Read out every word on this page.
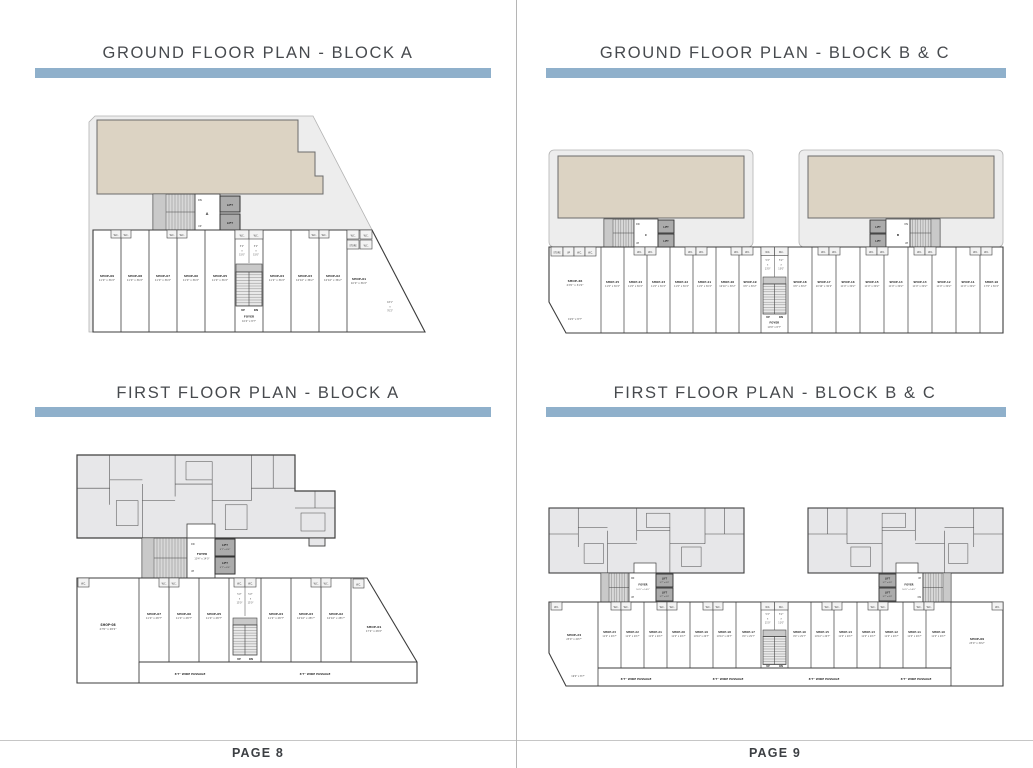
GROUND FLOOR PLAN - BLOCK A
DN
A
UP
LIFT
LIFT
SHOP-09
11'0" x 36'2"
SHOP-08
11'0" x 36'2"
SHOP-07
11'0" x 36'2"
SHOP-06
11'0" x 36'2"
SHOP-05
11'0" x 36'2"
SHOP-04
11'2" x 36'2"
SHOP-03
10'10" x 36'2"
SHOP-02
10'10" x 36'2"	SHOP-01
10'0" x 36'2"
W.C. W.C.	W.C. W.C.	W.C. W.C.
W.C.	W.C.
5'2"
x
15'0"
5'2"
x
15'0"
W.C.	W.C.
STORE	W.C.
18'1"
x
70'2"
UP	DN
FOYER
10'4" x 8'7"
FIRST FLOOR PLAN - BLOCK A
DN
FOYER
10'4" x 14'0"
UP
LIFT
5'7" x 6'0"
LIFT
5'7" x 6'0"
SHOP-08
27'0" x 28'2"
SHOP-07
11'0" x 28'7"
SHOP-06
11'0" x 28'7"
SHOP-05
11'0" x 28'7"
SHOP-04
11'2" x 28'7"
SHOP-03
10'10" x 28'7"
SHOP-02
10'10" x 28'7"
SHOP-01
17'2" x 28'2"
W.C.	W.C. W.C.	W.C.	W.C.
5'2"
x
15'0"
5'2"
x
15'0"
W.C. W.C.	W.C.
UP	DN
8'7" WIDE PASSAGE	8'7" WIDE PASSAGE
PAGE 8
GROUND FLOOR PLAN - BLOCK B & C
DN
C
UP
LIFT
LIFT
LIFT
LIFT
DN
B
UP
SHOP-26
23'0" x 31'0"
19'0" x 8'7"
STORE	UP	W.C.	W.C.
SHOP-25
11'0" x 30'2"
SHOP-24
11'0" x 30'2"
SHOP-23
11'0" x 30'2"
SHOP-22
11'0" x 30'2"
SHOP-21
11'0" x 30'2"
SHOP-20
10'10" x 30'2"
SHOP-19
9'0" x 30'2"
SHOP-18
9'0" x 30'2"
SHOP-17
10'10" x 30'2"
SHOP-16
11'0" x 30'2"
SHOP-15
11'0" x 30'2"
SHOP-14
11'0" x 30'2"
SHOP-13
11'0" x 30'2"
SHOP-12
11'0" x 30'2"
SHOP-11
11'0" x 30'2"
SHOP-10
17'0" x 30'2"
W.C.	W.C.	W.C.	W.C.	W.C.	W.C.	W.C.	W.C.	W.C.	W.C.	W.C.	W.C.	W.C.	W.C.
W.C.	W.C.
5'2"
x
13'0"
5'2"
x
13'0"
UP	DN
FOYER
10'0" x 8'7"
FIRST FLOOR PLAN - BLOCK B & C
DN
FOYER
10'0" x 14'0"
UP
LIFT
5'7" x 6'0"
LIFT
5'7" x 6'0"
LIFT
5'7" x 6'0"
LIFT
5'7" x 6'0"
UP
FOYER
10'0" x 14'0"
DN
SHOP-24
23'0" x 29'7"
19'0" x 8'7"
SHOP-09
23'0" x 30'2"
SHOP-23
11'0" x 29'7"
SHOP-22
11'0" x 29'7"
SHOP-21
11'0" x 29'7"
SHOP-20
11'0" x 29'7"
SHOP-19
10'10" x 29'7"
SHOP-18
10'10" x 29'7"
SHOP-17
9'0" x 29'7"
SHOP-16
9'0" x 29'7"
SHOP-15
10'10" x 29'7"
SHOP-14
11'0" x 29'7"
SHOP-13
11'0" x 29'7"
SHOP-12
11'0" x 29'7"
SHOP-11
11'0" x 29'7"
SHOP-10
11'0" x 29'7"
W.C. W.C.	W.C. W.C.	W.C. W.C.	W.C. W.C.	W.C. W.C.	W.C. W.C.
W.C.	W.C.
W.C.	W.C.
5'2"
x
11'0"
5'2"
x
11'0"
UP	DN
8'7" WIDE PASSAGE	8'7" WIDE PASSAGE	8'7" WIDE PASSAGE	8'7" WIDE PASSAGE
PAGE 9
